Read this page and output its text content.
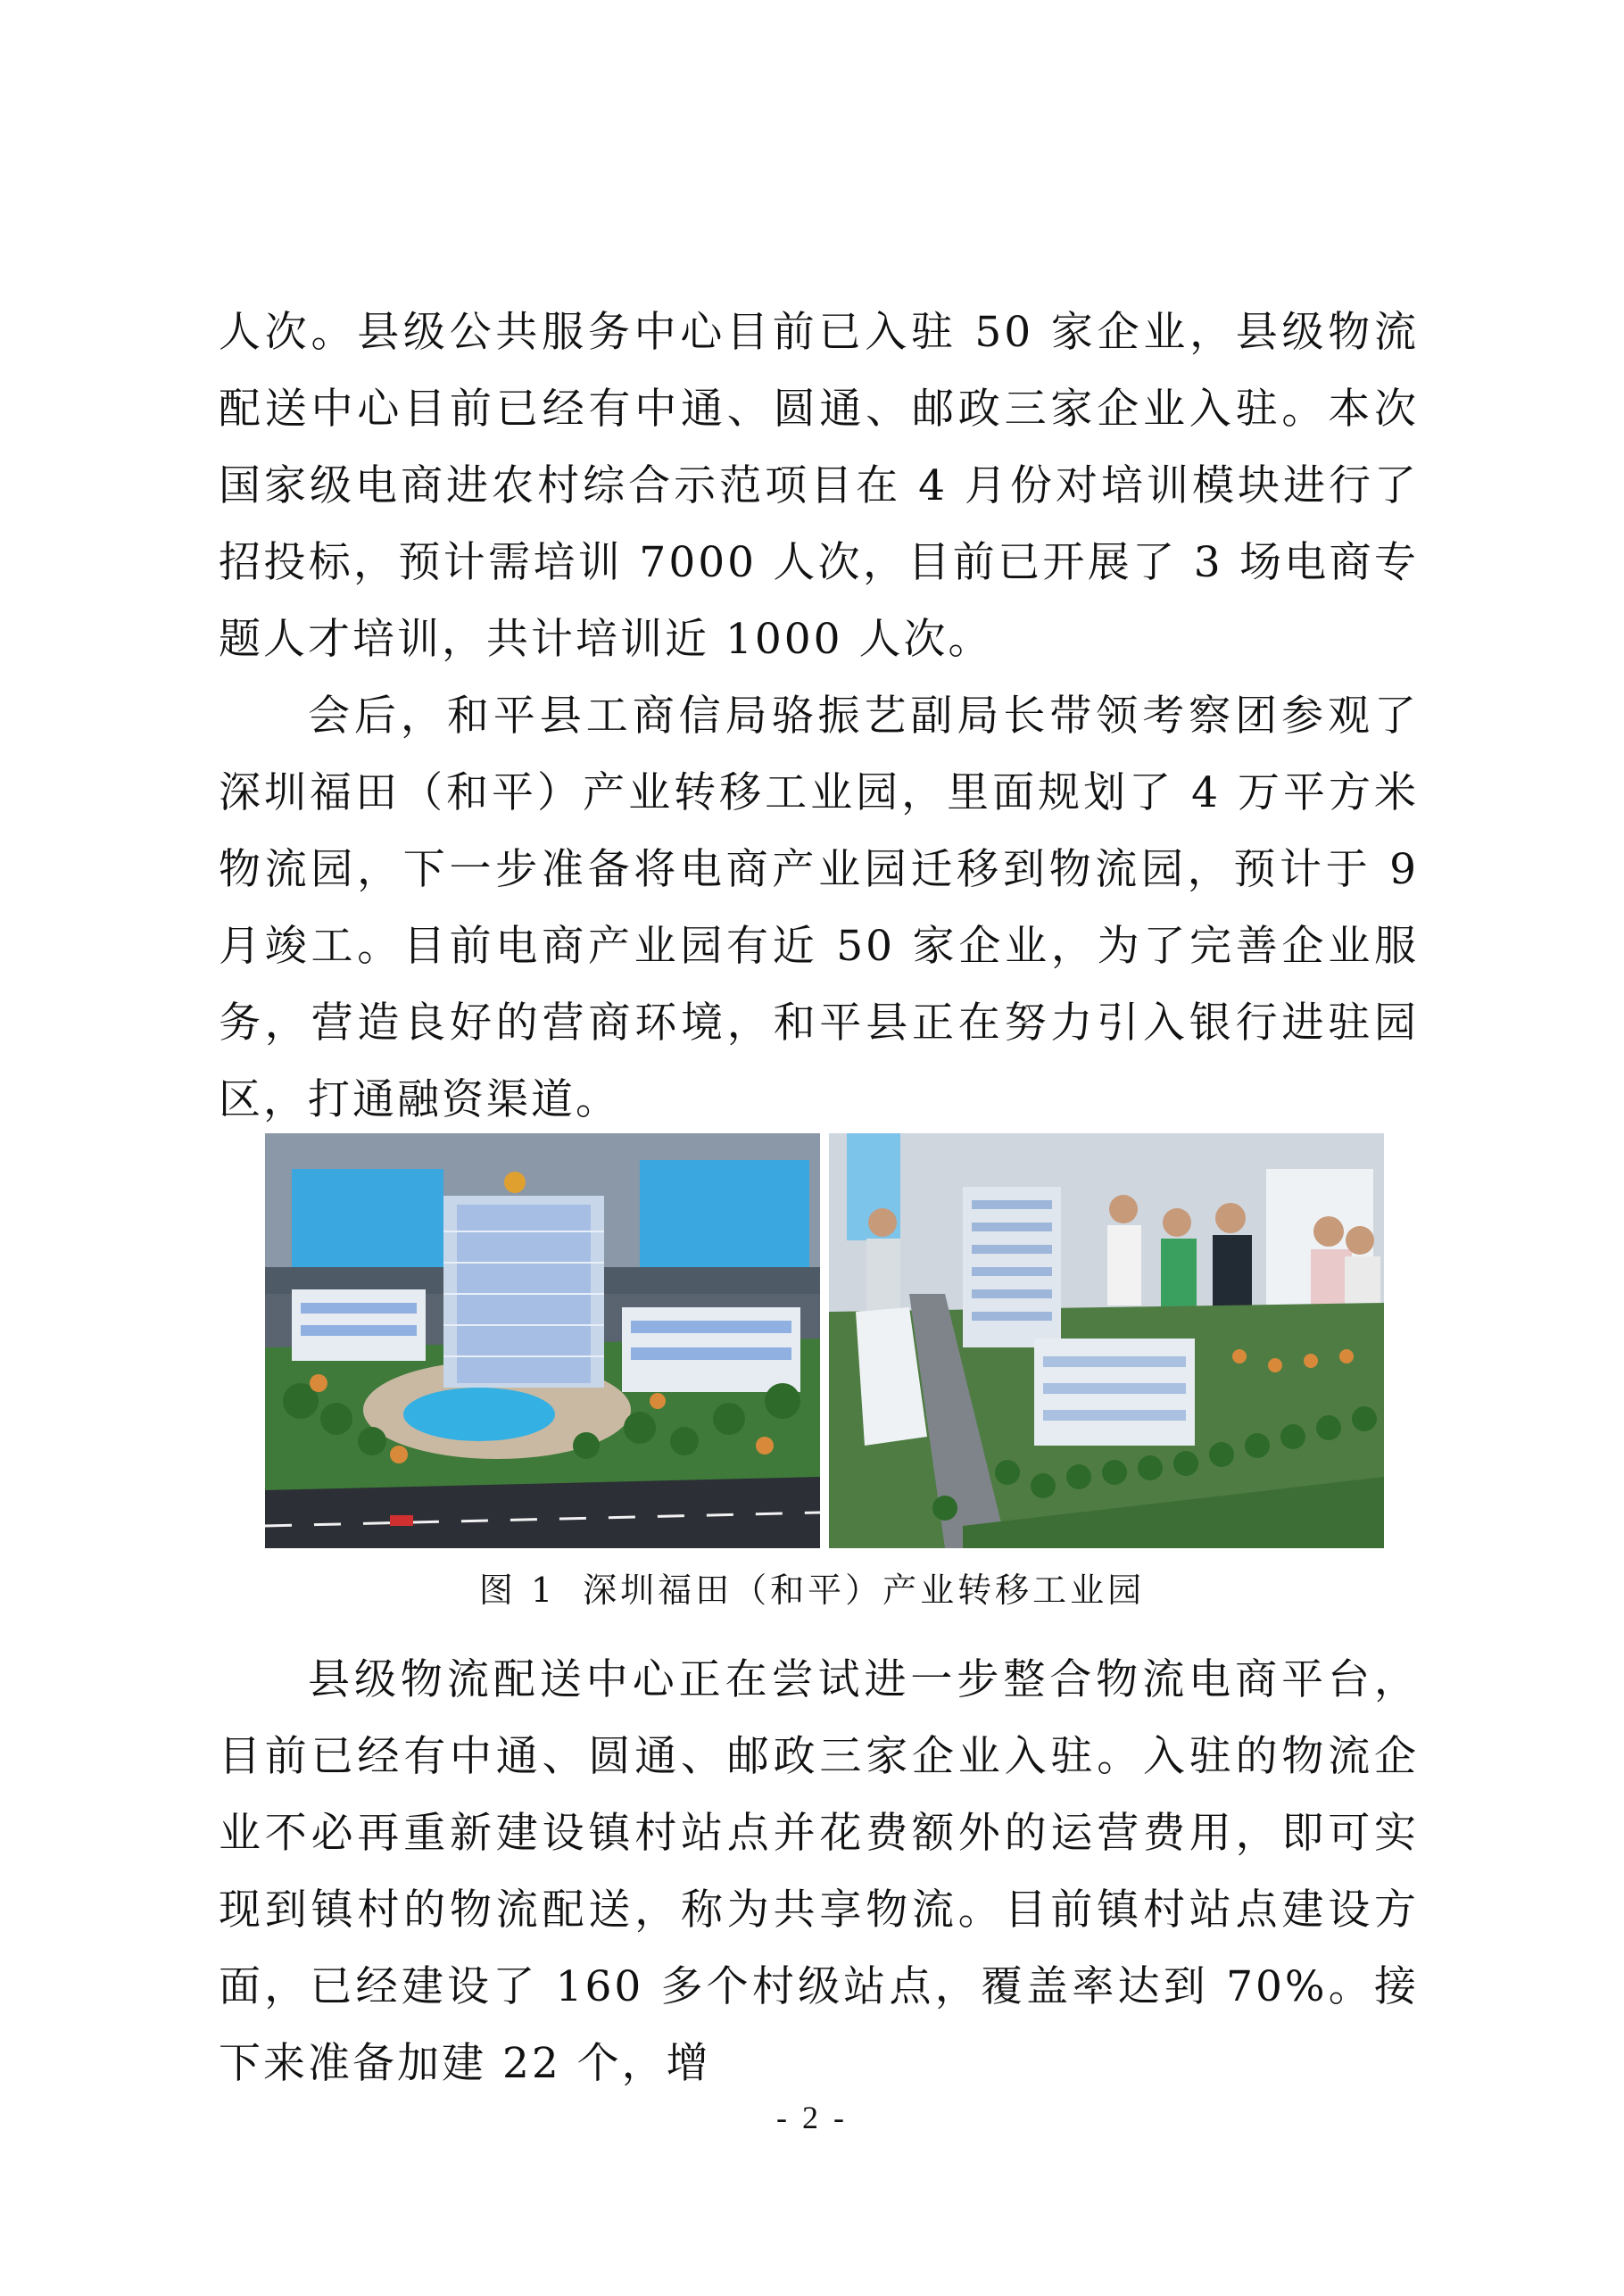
人次。县级公共服务中心目前已入驻 50 家企业，县级物流配送中心目前已经有中通、圆通、邮政三家企业入驻。本次国家级电商进农村综合示范项目在 4 月份对培训模块进行了招投标，预计需培训 7000 人次，目前已开展了 3 场电商专题人才培训，共计培训近 1000 人次。

会后，和平县工商信局骆振艺副局长带领考察团参观了深圳福田（和平）产业转移工业园，里面规划了 4 万平方米物流园，下一步准备将电商产业园迁移到物流园，预计于 9 月竣工。目前电商产业园有近 50 家企业，为了完善企业服务，营造良好的营商环境，和平县正在努力引入银行进驻园区，打通融资渠道。

图 1 深圳福田（和平）产业转移工业园

县级物流配送中心正在尝试进一步整合物流电商平台，目前已经有中通、圆通、邮政三家企业入驻。入驻的物流企业不必再重新建设镇村站点并花费额外的运营费用，即可实现到镇村的物流配送，称为共享物流。目前镇村站点建设方面，已经建设了 160 多个村级站点，覆盖率达到 70%。接下来准备加建 22 个，增

- 2 -
